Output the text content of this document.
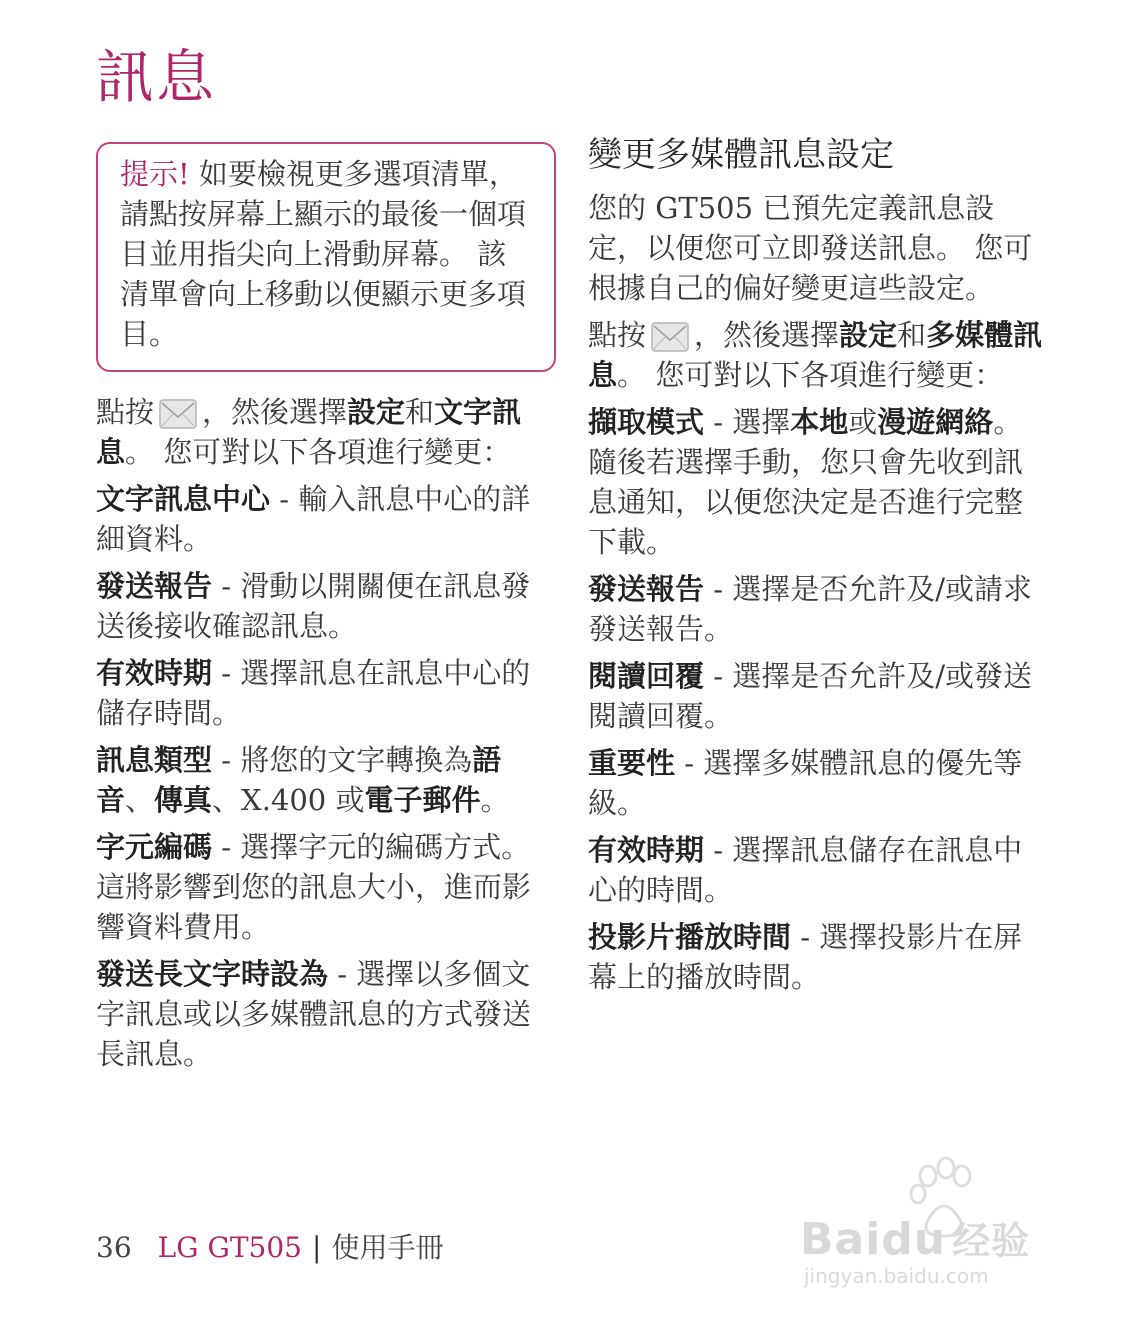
訊息
提示! 如要檢視更多選項清單，請點按屏幕上顯示的最後一個項目並用指尖向上滑動屏幕。 該清單會向上移動以便顯示更多項目。

點按 ，然後選擇設定和文字訊息。 您可對以下各項進行變更：

文字訊息中心 - 輸入訊息中心的詳細資料。

發送報告 - 滑動以開關便在訊息發送後接收確認訊息。

有效時期 - 選擇訊息在訊息中心的儲存時間。

訊息類型 - 將您的文字轉換為語音、傳真、X.400 或電子郵件。

字元編碼 - 選擇字元的編碼方式。這將影響到您的訊息大小，進而影響資料費用。

發送長文字時設為 - 選擇以多個文字訊息或以多媒體訊息的方式發送長訊息。

變更多媒體訊息設定

您的 GT505 已預先定義訊息設定，以便您可立即發送訊息。 您可根據自己的偏好變更這些設定。

點按 ，然後選擇設定和多媒體訊息。 您可對以下各項進行變更：

擷取模式 - 選擇本地或漫遊網絡。隨後若選擇手動，您只會先收到訊息通知，以便您決定是否進行完整下載。

發送報告 - 選擇是否允許及/或請求發送報告。

閱讀回覆 - 選擇是否允許及/或發送閱讀回覆。

重要性 - 選擇多媒體訊息的優先等級。

有效時期 - 選擇訊息儲存在訊息中心的時間。

投影片播放時間 - 選擇投影片在屏幕上的播放時間。

36 LG GT505 | 使用手冊	Baidu 经验
jingyan.baidu.com
